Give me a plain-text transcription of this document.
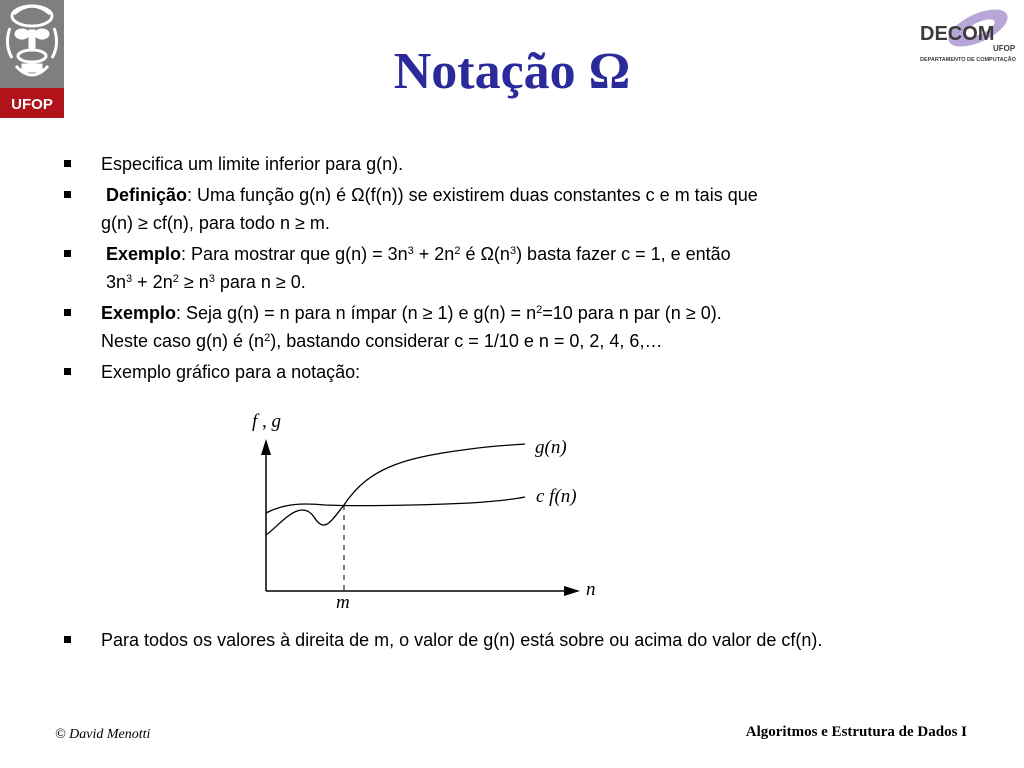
UFOP
DECOM
UFOP
DEPARTAMENTO DE COMPUTAÇÃO
Notação Ω
Especifica um limite inferior para g(n).
Definição: Uma função g(n) é Ω(f(n)) se existirem duas constantes c e m tais que
g(n) ≥ cf(n), para todo n ≥ m.
Exemplo: Para mostrar que $g(n) = 3n^3 + 2n^2$ é $\Omega(n^3)$ basta fazer c = 1, e então
$3n^3 + 2n^2 \ge n^3$ para n ≥ 0.
Exemplo: Seja g(n) = n para n ímpar (n ≥ 1) e $g(n) = n^2=10$ para n par (n ≥ 0).
Neste caso g(n) é $(n^2)$, bastando considerar c = 1/10 e n = 0, 2, 4, 6,…
Exemplo gráfico para a notação:
f , g
n
m
g(n)
c f(n)
Para todos os valores à direita de m, o valor de g(n) está sobre ou acima do valor de cf(n).
© David Menotti	Algoritmos e Estrutura de Dados I
